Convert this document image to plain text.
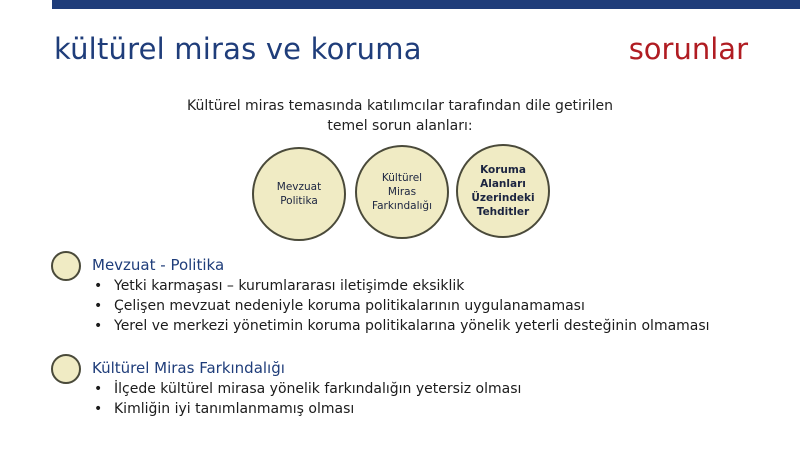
kültürel miras ve koruma	sorunlar
Kültürel miras temasında katılımcılar tarafından dile getirilen
temel sorun alanları:
Mevzuat Politika
Kültürel Miras Farkındalığı
Koruma Alanları Üzerindeki Tehditler
Mevzuat - Politika
• Yetki karmaşası – kurumlararası iletişimde eksiklik
• Çelişen mevzuat nedeniyle koruma politikalarının uygulanamaması
• Yerel ve merkezi yönetimin koruma politikalarına yönelik yeterli desteğinin olmaması
Kültürel Miras Farkındalığı
• İlçede kültürel mirasa yönelik farkındalığın yetersiz olması
• Kimliğin iyi tanımlanmamış olması
